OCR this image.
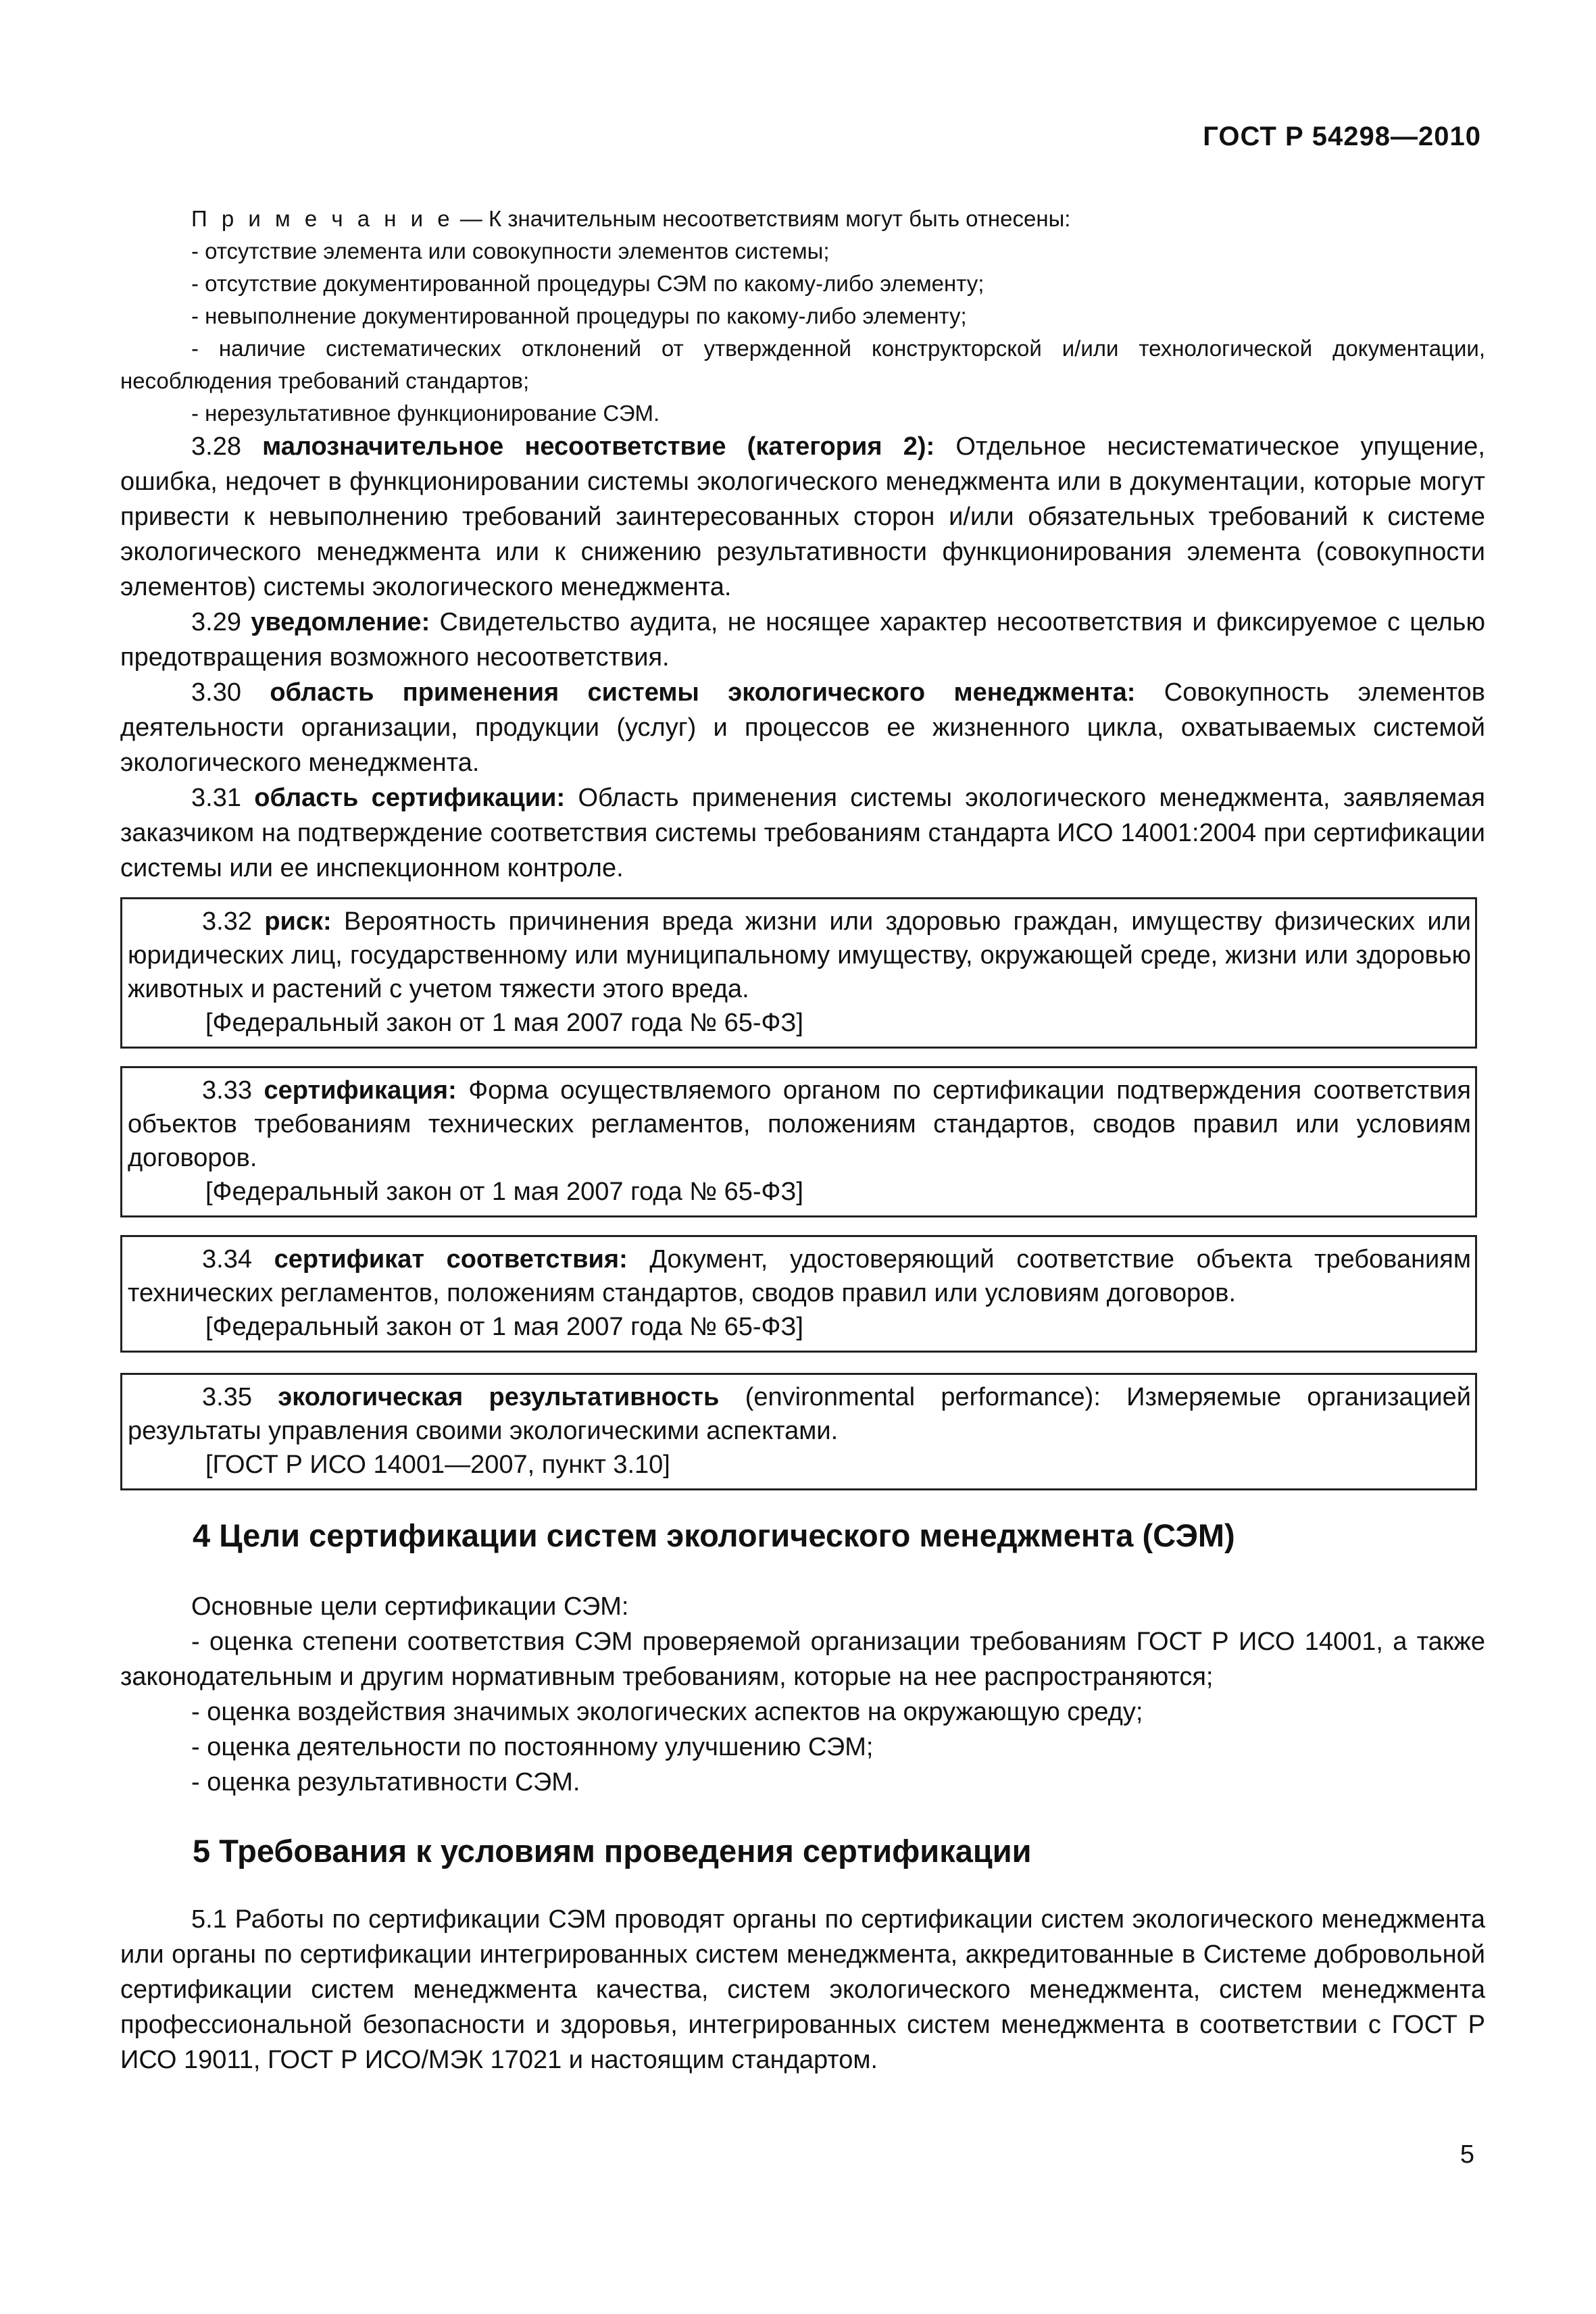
ГОСТ Р 54298—2010

П р и м е ч а н и е — К значительным несоответствиям могут быть отнесены:

- отсутствие элемента или совокупности элементов системы;

- отсутствие документированной процедуры СЭМ по какому-либо элементу;

- невыполнение документированной процедуры по какому-либо элементу;

- наличие систематических отклонений от утвержденной конструкторской и/или технологической документации, несоблюдения требований стандартов;

- нерезультативное функционирование СЭМ.

3.28 малозначительное несоответствие (категория 2): Отдельное несистематическое упущение, ошибка, недочет в функционировании системы экологического менеджмента или в документации, которые могут привести к невыполнению требований заинтересованных сторон и/или обязательных требований к системе экологического менеджмента или к снижению результативности функционирования элемента (совокупности элементов) системы экологического менеджмента.

3.29 уведомление: Свидетельство аудита, не носящее характер несоответствия и фиксируемое с целью предотвращения возможного несоответствия.

3.30 область применения системы экологического менеджмента: Совокупность элементов деятельности организации, продукции (услуг) и процессов ее жизненного цикла, охватываемых системой экологического менеджмента.

3.31 область сертификации: Область применения системы экологического менеджмента, заявляемая заказчиком на подтверждение соответствия системы требованиям стандарта ИСО 14001:2004 при сертификации системы или ее инспекционном контроле.

3.32 риск: Вероятность причинения вреда жизни или здоровью граждан, имуществу физических или юридических лиц, государственному или муниципальному имуществу, окружающей среде, жизни или здоровью животных и растений с учетом тяжести этого вреда.

[Федеральный закон от 1 мая 2007 года № 65-ФЗ]

3.33 сертификация: Форма осуществляемого органом по сертификации подтверждения соответствия объектов требованиям технических регламентов, положениям стандартов, сводов правил или условиям договоров.

[Федеральный закон от 1 мая 2007 года № 65-ФЗ]

3.34 сертификат соответствия: Документ, удостоверяющий соответствие объекта требованиям технических регламентов, положениям стандартов, сводов правил или условиям договоров.

[Федеральный закон от 1 мая 2007 года № 65-ФЗ]

3.35 экологическая результативность (environmental performance): Измеряемые организацией результаты управления своими экологическими аспектами.

[ГОСТ Р ИСО 14001—2007, пункт 3.10]

4 Цели сертификации систем экологического менеджмента (СЭМ)

Основные цели сертификации СЭМ:

- оценка степени соответствия СЭМ проверяемой организации требованиям ГОСТ Р ИСО 14001, а также законодательным и другим нормативным требованиям, которые на нее распространяются;

- оценка воздействия значимых экологических аспектов на окружающую среду;

- оценка деятельности по постоянному улучшению СЭМ;

- оценка результативности СЭМ.

5 Требования к условиям проведения сертификации

5.1 Работы по сертификации СЭМ проводят органы по сертификации систем экологического менеджмента или органы по сертификации интегрированных систем менеджмента, аккредитованные в Системе добровольной сертификации систем менеджмента качества, систем экологического менеджмента, систем менеджмента профессиональной безопасности и здоровья, интегрированных систем менеджмента в соответствии с ГОСТ Р ИСО 19011, ГОСТ Р ИСО/МЭК 17021 и настоящим стандартом.

5
